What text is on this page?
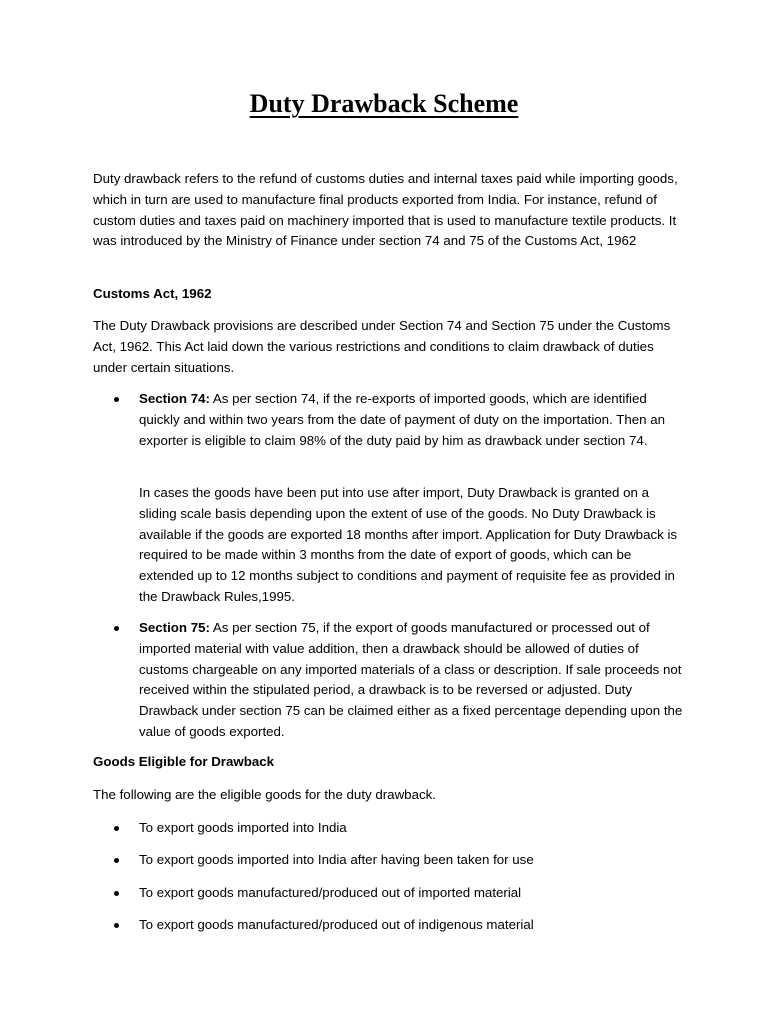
Duty Drawback Scheme

Duty drawback refers to the refund of customs duties and internal taxes paid while importing goods, which in turn are used to manufacture final products exported from India. For instance, refund of custom duties and taxes paid on machinery imported that is used to manufacture textile products. It was introduced by the Ministry of Finance under section 74 and 75 of the Customs Act, 1962

Customs Act, 1962

The Duty Drawback provisions are described under Section 74 and Section 75 under the Customs Act, 1962. This Act laid down the various restrictions and conditions to claim drawback of duties under certain situations.

Section 74: As per section 74, if the re-exports of imported goods, which are identified quickly and within two years from the date of payment of duty on the importation. Then an exporter is eligible to claim 98% of the duty paid by him as drawback under section 74.

In cases the goods have been put into use after import, Duty Drawback is granted on a sliding scale basis depending upon the extent of use of the goods. No Duty Drawback is available if the goods are exported 18 months after import. Application for Duty Drawback is required to be made within 3 months from the date of export of goods, which can be extended up to 12 months subject to conditions and payment of requisite fee as provided in the Drawback Rules,1995.

Section 75: As per section 75, if the export of goods manufactured or processed out of imported material with value addition, then a drawback should be allowed of duties of customs chargeable on any imported materials of a class or description. If sale proceeds not received within the stipulated period, a drawback is to be reversed or adjusted. Duty Drawback under section 75 can be claimed either as a fixed percentage depending upon the value of goods exported.

Goods Eligible for Drawback

The following are the eligible goods for the duty drawback.

To export goods imported into India

To export goods imported into India after having been taken for use

To export goods manufactured/produced out of imported material

To export goods manufactured/produced out of indigenous material
